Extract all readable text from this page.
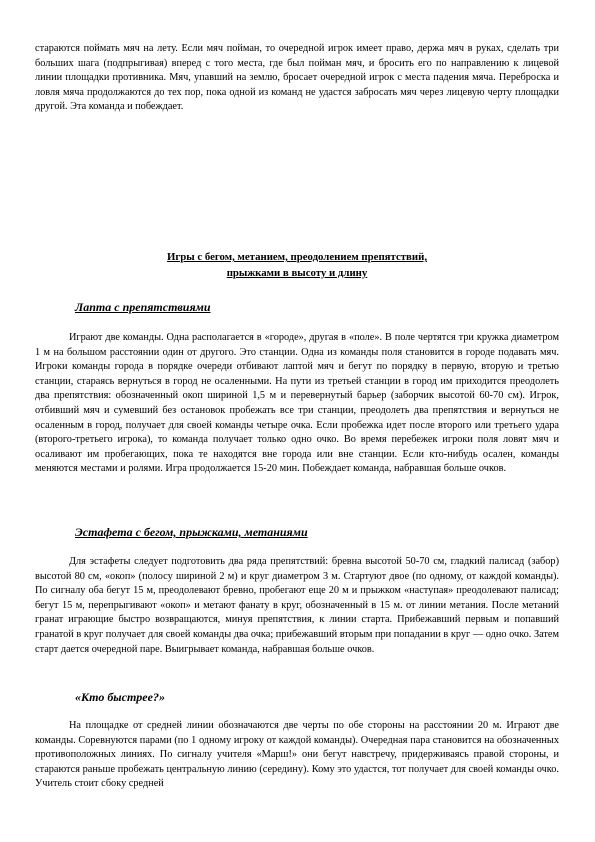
стараются поймать мяч на лету. Если мяч пойман, то очередной игрок имеет право, держа мяч в руках, сделать три больших шага (подпрыгивая) вперед с того места, где был пойман мяч, и бросить его по направлению к лицевой линии площадки противника. Мяч, упавший на землю, бросает очередной игрок с места падения мяча. Переброска и ловля мяча продолжаются до тех пор, пока одной из команд не удастся забросать мяч через лицевую черту площадки другой. Эта команда и побеждает.

Игры с бегом, метанием, преодолением препятствий,
прыжками в высоту и длину
Лапта с препятствиями

Играют две команды. Одна располагается в «городе», другая в «поле». В поле чертятся три кружка диаметром 1 м на большом расстоянии один от другого. Это станции. Одна из команды поля становится в городе подавать мяч. Игроки команды города в порядке очереди отбивают лаптой мяч и бегут по порядку в первую, вторую и третью станции, стараясь вернуться в город не осаленными. На пути из третьей станции в город им приходится преодолеть два препятствия: обозначенный окоп шириной 1,5 м и перевернутый барьер (заборчик высотой 60-70 см). Игрок, отбивший мяч и сумевший без остановок пробежать все три станции, преодолеть два препятствия и вернуться не осаленным в город, получает для своей команды четыре очка. Если пробежка идет после второго или третьего удара (второго-третьего игрока), то команда получает только одно очко. Во время перебежек игроки поля ловят мяч и осаливают им пробегающих, пока те находятся вне города или вне станции. Если кто-нибудь осален, команды меняются местами и ролями. Игра продолжается 15-20 мин. Побеждает команда, набравшая больше очков.

Эстафета с бегом, прыжками, метаниями

Для эстафеты следует подготовить два ряда препятствий: бревна высотой 50-70 см, гладкий палисад (забор) высотой 80 см, «окоп» (полосу шириной 2 м) и круг диаметром 3 м. Стартуют двое (по одному, от каждой команды). По сигналу оба бегут 15 м, преодолевают бревно, пробегают еще 20 м и прыжком «наступая» преодолевают палисад; бегут 15 м, перепрыгивают «окоп» и метают фанату в круг, обозначенный в 15 м. от линии метания. После метаний гранат играющие быстро возвращаются, минуя препятствия, к линии старта. Прибежавший первым и попавший гранатой в круг получает для своей команды два очка; прибежавший вторым при попадании в круг — одно очко. Затем старт дается очередной паре. Выигрывает команда, набравшая больше очков.

«Кто быстрее?»

На площадке от средней линии обозначаются две черты по обе стороны на расстоянии 20 м. Играют две команды. Соревнуются парами (по 1 одному игроку от каждой команды). Очередная пара становится на обозначенных противоположных линиях. По сигналу учителя «Марш!» они бегут навстречу, придерживаясь правой стороны, и стараются раньше пробежать центральную линию (середину). Кому это удастся, тот получает для своей команды очко. Учитель стоит сбоку средней
